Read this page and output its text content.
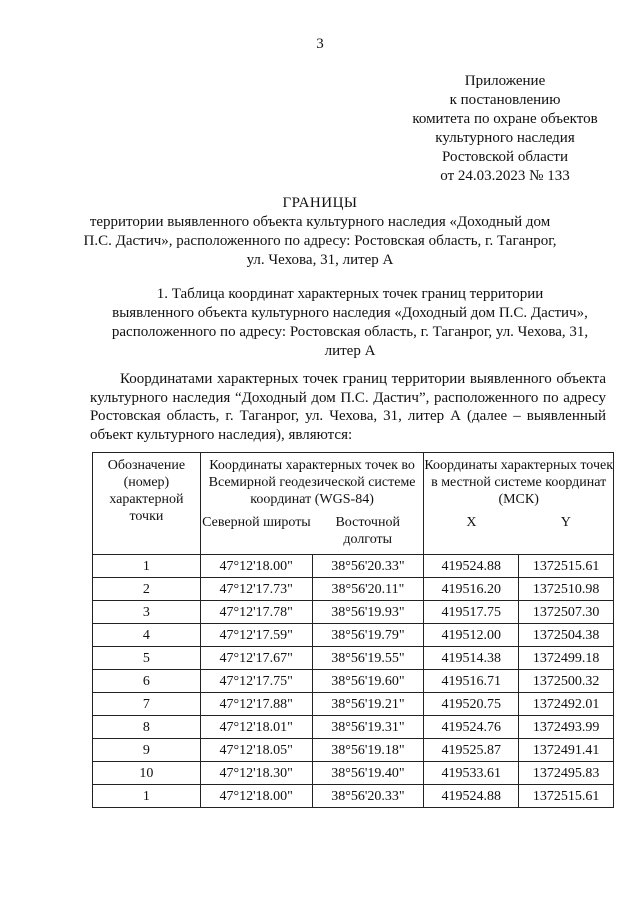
3
Приложение
к постановлению
комитета по охране объектов
культурного наследия
Ростовской области
от 24.03.2023 № 133
ГРАНИЦЫ
территории выявленного объекта культурного наследия «Доходный дом
П.С. Дастич», расположенного по адресу: Ростовская область, г. Таганрог,
ул. Чехова, 31, литер А
1. Таблица координат характерных точек границ территории
выявленного объекта культурного наследия «Доходный дом П.С. Дастич»,
расположенного по адресу: Ростовская область, г. Таганрог, ул. Чехова, 31,
литер А
Координатами характерных точек границ территории выявленного объекта культурного наследия “Доходный дом П.С. Дастич”, расположенного по адресу Ростовская область, г. Таганрог, ул. Чехова, 31, литер А (далее – выявленный объект культурного наследия), являются:
Обозначение (номер) характерной точки	Координаты характерных точек во Всемирной геодезической системе координат (WGS-84)		Координаты характерных точек в местной системе координат (МСК)	
	Северной широты	Восточной долготы	X	Y
1	47°12'18.00"	38°56'20.33"	419524.88	1372515.61
2	47°12'17.73"	38°56'20.11"	419516.20	1372510.98
3	47°12'17.78"	38°56'19.93"	419517.75	1372507.30
4	47°12'17.59"	38°56'19.79"	419512.00	1372504.38
5	47°12'17.67"	38°56'19.55"	419514.38	1372499.18
6	47°12'17.75"	38°56'19.60"	419516.71	1372500.32
7	47°12'17.88"	38°56'19.21"	419520.75	1372492.01
8	47°12'18.01"	38°56'19.31"	419524.76	1372493.99
9	47°12'18.05"	38°56'19.18"	419525.87	1372491.41
10	47°12'18.30"	38°56'19.40"	419533.61	1372495.83
1	47°12'18.00"	38°56'20.33"	419524.88	1372515.61
